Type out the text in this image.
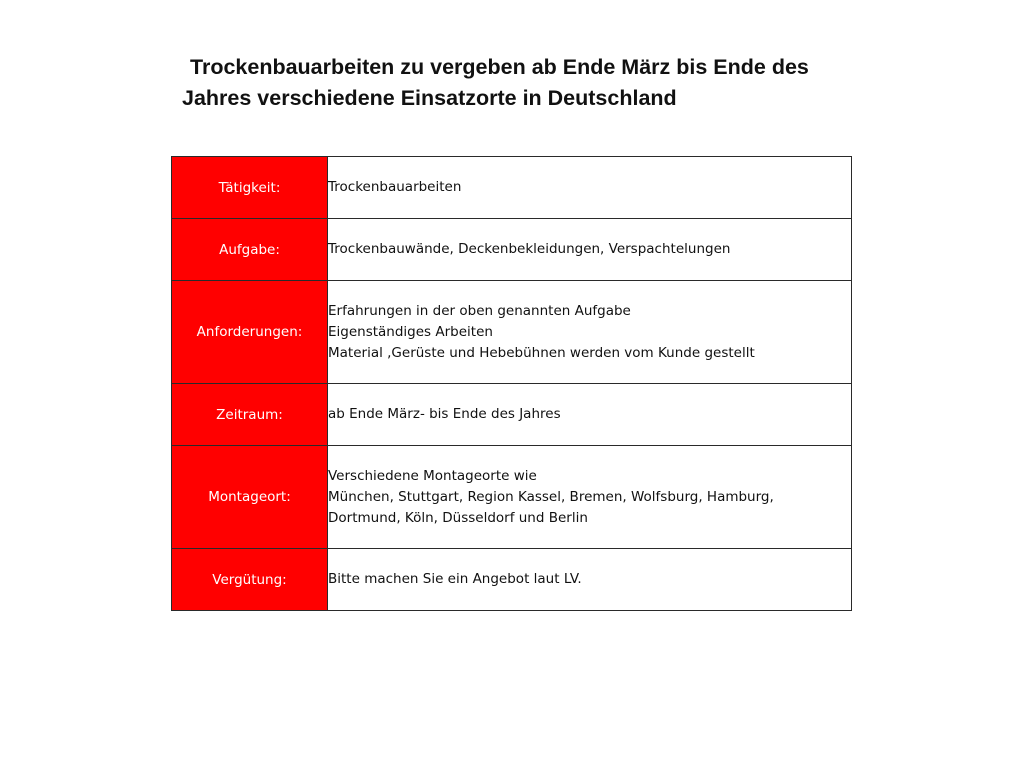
Trockenbauarbeiten zu vergeben ab Ende März bis Ende des
Jahres verschiedene Einsatzorte in Deutschland
Tätigkeit:	Trockenbauarbeiten

Aufgabe:	Trockenbauwände, Deckenbekleidungen, Verspachtelungen

Anforderungen:	Erfahrungen in der oben genannten Aufgabe
Eigenständiges Arbeiten
Material ,Gerüste und Hebebühnen werden vom Kunde gestellt

Zeitraum:	ab Ende März- bis Ende des Jahres

Montageort:	Verschiedene Montageorte wie
München, Stuttgart, Region Kassel, Bremen, Wolfsburg, Hamburg,
Dortmund, Köln, Düsseldorf und Berlin

Vergütung:	Bitte machen Sie ein Angebot laut LV.
